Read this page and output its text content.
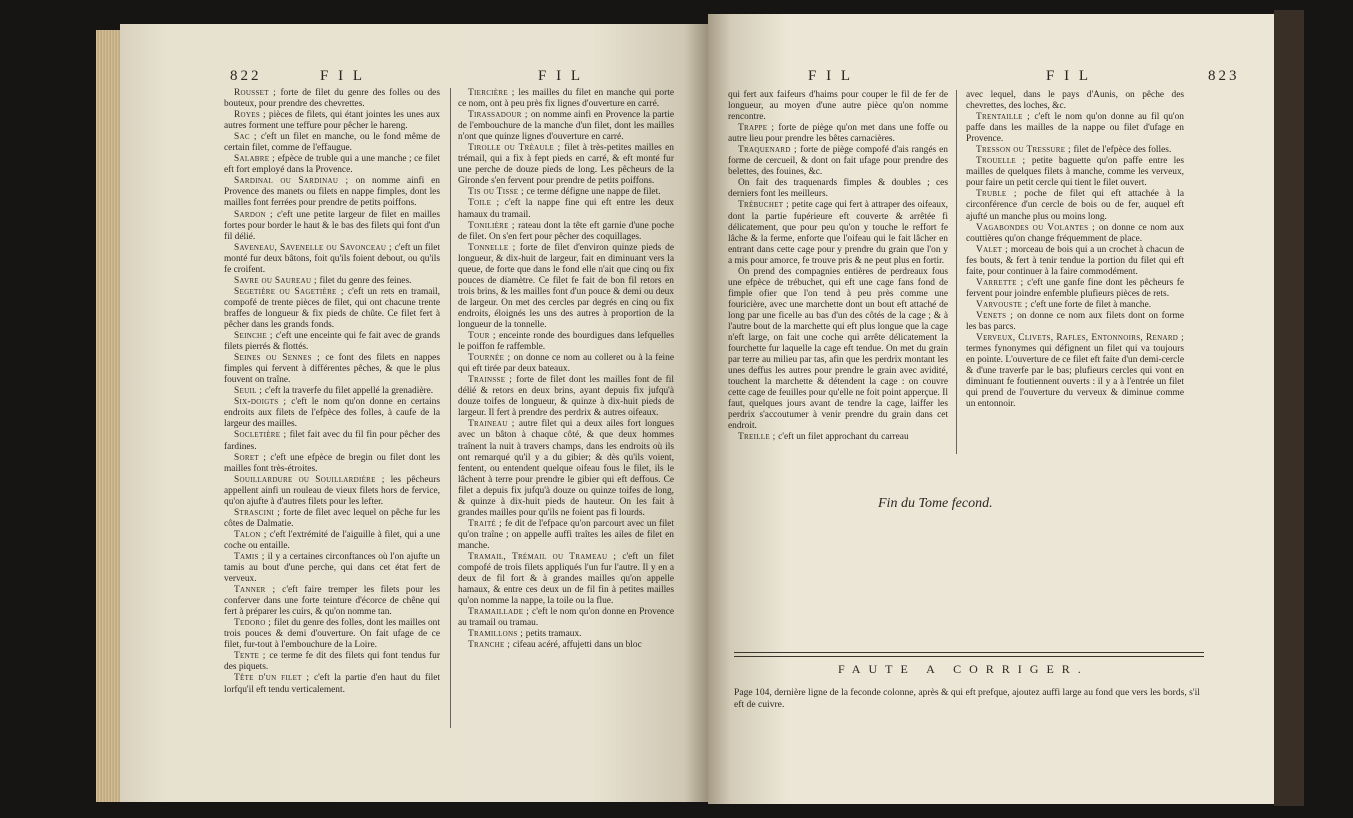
822	F I L	F I L

Rousset ; forte de filet du genre des folles ou des bouteux, pour prendre des chevrettes.

Royes ; pièces de filets, qui étant jointes les unes aux autres forment une teffure pour pêcher le hareng.

Sac ; c'eft un filet en manche, ou le fond même de certain filet, comme de l'effaugue.

Salabre ; efpèce de truble qui a une manche ; ce filet eft fort employé dans la Provence.

Sardinal ou Sardinau ; on nomme ainfi en Provence des manets ou filets en nappe fimples, dont les mailles font ferrées pour prendre de petits poiffons.

Sardon ; c'eft une petite largeur de filet en mailles fortes pour border le haut & le bas des filets qui font d'un fil délié.

Saveneau, Savenelle ou Savonceau ; c'eft un filet monté fur deux bâtons, foit qu'ils foient debout, ou qu'ils fe croifent.

Savre ou Saureau ; filet du genre des feines.

Segetière ou Sagetière ; c'eft un rets en tramail, compofé de trente pièces de filet, qui ont chacune trente braffes de longueur & fix pieds de chûte. Ce filet fert à pêcher dans les grands fonds.

Seinche ; c'eft une enceinte qui fe fait avec de grands filets pierrés & flottés.

Seines ou Sennes ; ce font des filets en nappes fimples qui fervent à différentes pêches, & que le plus fouvent on traîne.

Seuil ; c'eft la traverfe du filet appellé la grenadière.

Six-doigts ; c'eft le nom qu'on donne en certains endroits aux filets de l'efpèce des folles, à caufe de la largeur des mailles.

Socletière ; filet fait avec du fil fin pour pêcher des fardines.

Soret ; c'eft une efpèce de bregin ou filet dont les mailles font très-étroites.

Souillardure ou Souillardière ; les pêcheurs appellent ainfi un rouleau de vieux filets hors de fervice, qu'on ajufte à d'autres filets pour les lefter.

Strascini ; forte de filet avec lequel on pêche fur les côtes de Dalmatie.

Talon ; c'eft l'extrémité de l'aiguille à filet, qui a une coche ou entaille.

Tamis ; il y a certaines circonftances où l'on ajufte un tamis au bout d'une perche, qui dans cet état fert de verveux.

Tanner ; c'eft faire tremper les filets pour les conferver dans une forte teinture d'écorce de chêne qui fert à préparer les cuirs, & qu'on nomme tan.

Tedoro ; filet du genre des folles, dont les mailles ont trois pouces & demi d'ouverture. On fait ufage de ce filet, fur-tout à l'embouchure de la Loire.

Tente ; ce terme fe dit des filets qui font tendus fur des piquets.

Tête d'un filet ; c'eft la partie d'en haut du filet lorfqu'il eft tendu verticalement.

Tiercière ; les mailles du filet en manche qui porte ce nom, ont à peu près fix lignes d'ouverture en carré.

Tirassadour ; on nomme ainfi en Provence la partie de l'embouchure de la manche d'un filet, dont les mailles n'ont que quinze lignes d'ouverture en carré.

Tirolle ou Trèaule ; filet à très-petites mailles en trémail, qui a fix à fept pieds en carré, & eft monté fur une perche de douze pieds de long. Les pêcheurs de la Gironde s'en fervent pour prendre de petits poiffons.

Tis ou Tisse ; ce terme défigne une nappe de filet.

Toile ; c'eft la nappe fine qui eft entre les deux hamaux du tramail.

Tonilière ; rateau dont la tête eft garnie d'une poche de filet. On s'en fert pour pêcher des coquillages.

Tonnelle ; forte de filet d'environ quinze pieds de longueur, & dix-huit de largeur, fait en diminuant vers la queue, de forte que dans le fond elle n'ait que cinq ou fix pouces de diamètre. Ce filet fe fait de bon fil retors en trois brins, & les mailles font d'un pouce & demi ou deux de largeur. On met des cercles par degrés en cinq ou fix endroits, éloignés les uns des autres à proportion de la longueur de la tonnelle.

Tour ; enceinte ronde des bourdigues dans lefquelles le poiffon fe raffemble.

Tournée ; on donne ce nom au colleret ou à la feine qui eft tirée par deux bateaux.

Trainsse ; forte de filet dont les mailles font de fil délié & retors en deux brins, ayant depuis fix jufqu'à douze toifes de longueur, & quinze à dix-huit pieds de largeur. Il fert à prendre des perdrix & autres oifeaux.

Traineau ; autre filet qui a deux ailes fort longues avec un bâton à chaque côté, & que deux hommes traînent la nuit à travers champs, dans les endroits où ils ont remarqué qu'il y a du gibier; & dès qu'ils voient, fentent, ou entendent quelque oifeau fous le filet, ils le lâchent à terre pour prendre le gibier qui eft deffous. Ce filet a depuis fix jufqu'à douze ou quinze toifes de long, & quinze à dix-huit pieds de hauteur. On les fait à grandes mailles pour qu'ils ne foient pas fi lourds.

Traité ; fe dit de l'efpace qu'on parcourt avec un filet qu'on traîne ; on appelle auffi traîtes les ailes de filet en manche.

Tramail, Trémail ou Trameau ; c'eft un filet compofé de trois filets appliqués l'un fur l'autre. Il y en a deux de fil fort & à grandes mailles qu'on appelle hamaux, & entre ces deux un de fil fin à petites mailles qu'on nomme la nappe, la toile ou la flue.

Tramaillade ; c'eft le nom qu'on donne en Provence au tramail ou tramau.

Tramillons ; petits tramaux.

Tranche ; cifeau acéré, affujetti dans un bloc

F I L	F I L	823

qui fert aux faifeurs d'haims pour couper le fil de fer de longueur, au moyen d'une autre pièce qu'on nomme rencontre.

Trappe ; forte de piège qu'on met dans une foffe ou autre lieu pour prendre les bêtes carnacières.

Traquenard ; forte de piège compofé d'ais rangés en forme de cercueil, & dont on fait ufage pour prendre des belettes, des fouines, &c.

On fait des traquenards fimples & doubles ; ces derniers font les meilleurs.

Trébuchet ; petite cage qui fert à attraper des oifeaux, dont la partie fupérieure eft couverte & arrêtée fi délicatement, que pour peu qu'on y touche le reffort fe lâche & la ferme, enforte que l'oifeau qui le fait lâcher en entrant dans cette cage pour y prendre du grain que l'on y a mis pour amorce, fe trouve pris & ne peut plus en fortir.

On prend des compagnies entières de perdreaux fous une efpèce de trébuchet, qui eft une cage fans fond de fimple ofier que l'on tend à peu près comme une fouricière, avec une marchette dont un bout eft attaché de long par une ficelle au bas d'un des côtés de la cage ; & à l'autre bout de la marchette qui eft plus longue que la cage n'eft large, on fait une coche qui arrête délicatement la fourchette fur laquelle la cage eft tendue. On met du grain par terre au milieu par tas, afin que les perdrix montant les unes deffus les autres pour prendre le grain avec avidité, touchent la marchette & détendent la cage : on couvre cette cage de feuilles pour qu'elle ne foit point apperçue. Il faut, quelques jours avant de tendre la cage, laiffer les perdrix s'accoutumer à venir prendre du grain dans cet endroit.

Treille ; c'eft un filet approchant du carreau

avec lequel, dans le pays d'Aunis, on pêche des chevrettes, des loches, &c.

Trentaille ; c'eft le nom qu'on donne au fil qu'on paffe dans les mailles de la nappe ou filet d'ufage en Provence.

Tresson ou Tressure ; filet de l'efpèce des folles.

Trouelle ; petite baguette qu'on paffe entre les mailles de quelques filets à manche, comme les verveux, pour faire un petit cercle qui tient le filet ouvert.

Truble ; poche de filet qui eft attachée à la circonférence d'un cercle de bois ou de fer, auquel eft ajufté un manche plus ou moins long.

Vagabondes ou Volantes ; on donne ce nom aux couttières qu'on change fréquemment de place.

Valet ; morceau de bois qui a un crochet à chacun de fes bouts, & fert à tenir tendue la portion du filet qui eft faite, pour continuer à la faire commodément.

Varrette ; c'eft une ganfe fine dont les pêcheurs fe fervent pour joindre enfemble plufieurs pièces de rets.

Varvouste ; c'eft une forte de filet à manche.

Venets ; on donne ce nom aux filets dont on forme les bas parcs.

Verveux, Clivets, Rafles, Entonnoirs, Renard ; termes fynonymes qui défignent un filet qui va toujours en pointe. L'ouverture de ce filet eft faite d'un demi-cercle & d'une traverfe par le bas; plufieurs cercles qui vont en diminuant fe foutiennent ouverts : il y a à l'entrée un filet qui prend de l'ouverture du verveux & diminue comme un entonnoir.

Fin du Tome fecond.
FAUTE A CORRIGER.
Page 104, dernière ligne de la feconde colonne, après & qui eft prefque, ajoutez auffi large au fond que vers les bords, s'il eft de cuivre.
